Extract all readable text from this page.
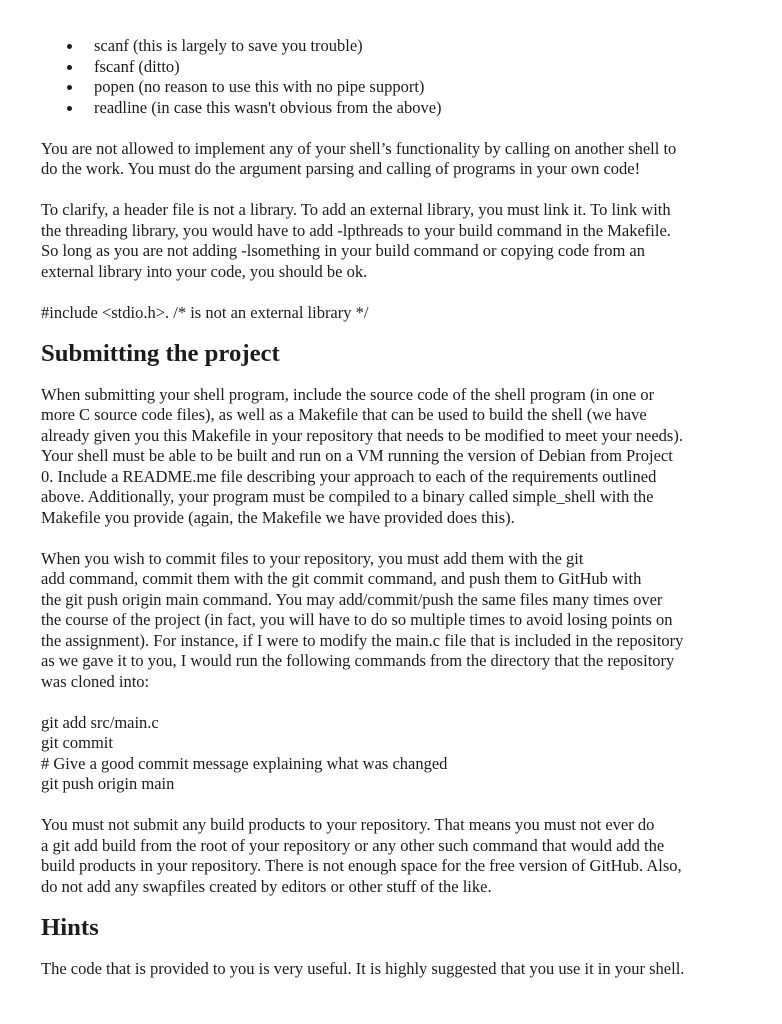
scanf (this is largely to save you trouble)
fscanf (ditto)
popen (no reason to use this with no pipe support)
readline (in case this wasn't obvious from the above)

You are not allowed to implement any of your shell’s functionality by calling on another shell to
do the work. You must do the argument parsing and calling of programs in your own code!

To clarify, a header file is not a library. To add an external library, you must link it. To link with
the threading library, you would have to add -lpthreads to your build command in the Makefile.
So long as you are not adding -lsomething in your build command or copying code from an
external library into your code, you should be ok.

#include <stdio.h>. /* is not an external library */

Submitting the project

When submitting your shell program, include the source code of the shell program (in one or
more C source code files), as well as a Makefile that can be used to build the shell (we have
already given you this Makefile in your repository that needs to be modified to meet your needs).
Your shell must be able to be built and run on a VM running the version of Debian from Project
0. Include a README.me file describing your approach to each of the requirements outlined
above. Additionally, your program must be compiled to a binary called simple_shell with the
Makefile you provide (again, the Makefile we have provided does this).

When you wish to commit files to your repository, you must add them with the git
add command, commit them with the git commit command, and push them to GitHub with
the git push origin main command. You may add/commit/push the same files many times over
the course of the project (in fact, you will have to do so multiple times to avoid losing points on
the assignment). For instance, if I were to modify the main.c file that is included in the repository
as we gave it to you, I would run the following commands from the directory that the repository
was cloned into:

git add src/main.c
git commit
# Give a good commit message explaining what was changed
git push origin main

You must not submit any build products to your repository. That means you must not ever do
a git add build from the root of your repository or any other such command that would add the
build products in your repository. There is not enough space for the free version of GitHub. Also,
do not add any swapfiles created by editors or other stuff of the like.

Hints

The code that is provided to you is very useful. It is highly suggested that you use it in your shell.
